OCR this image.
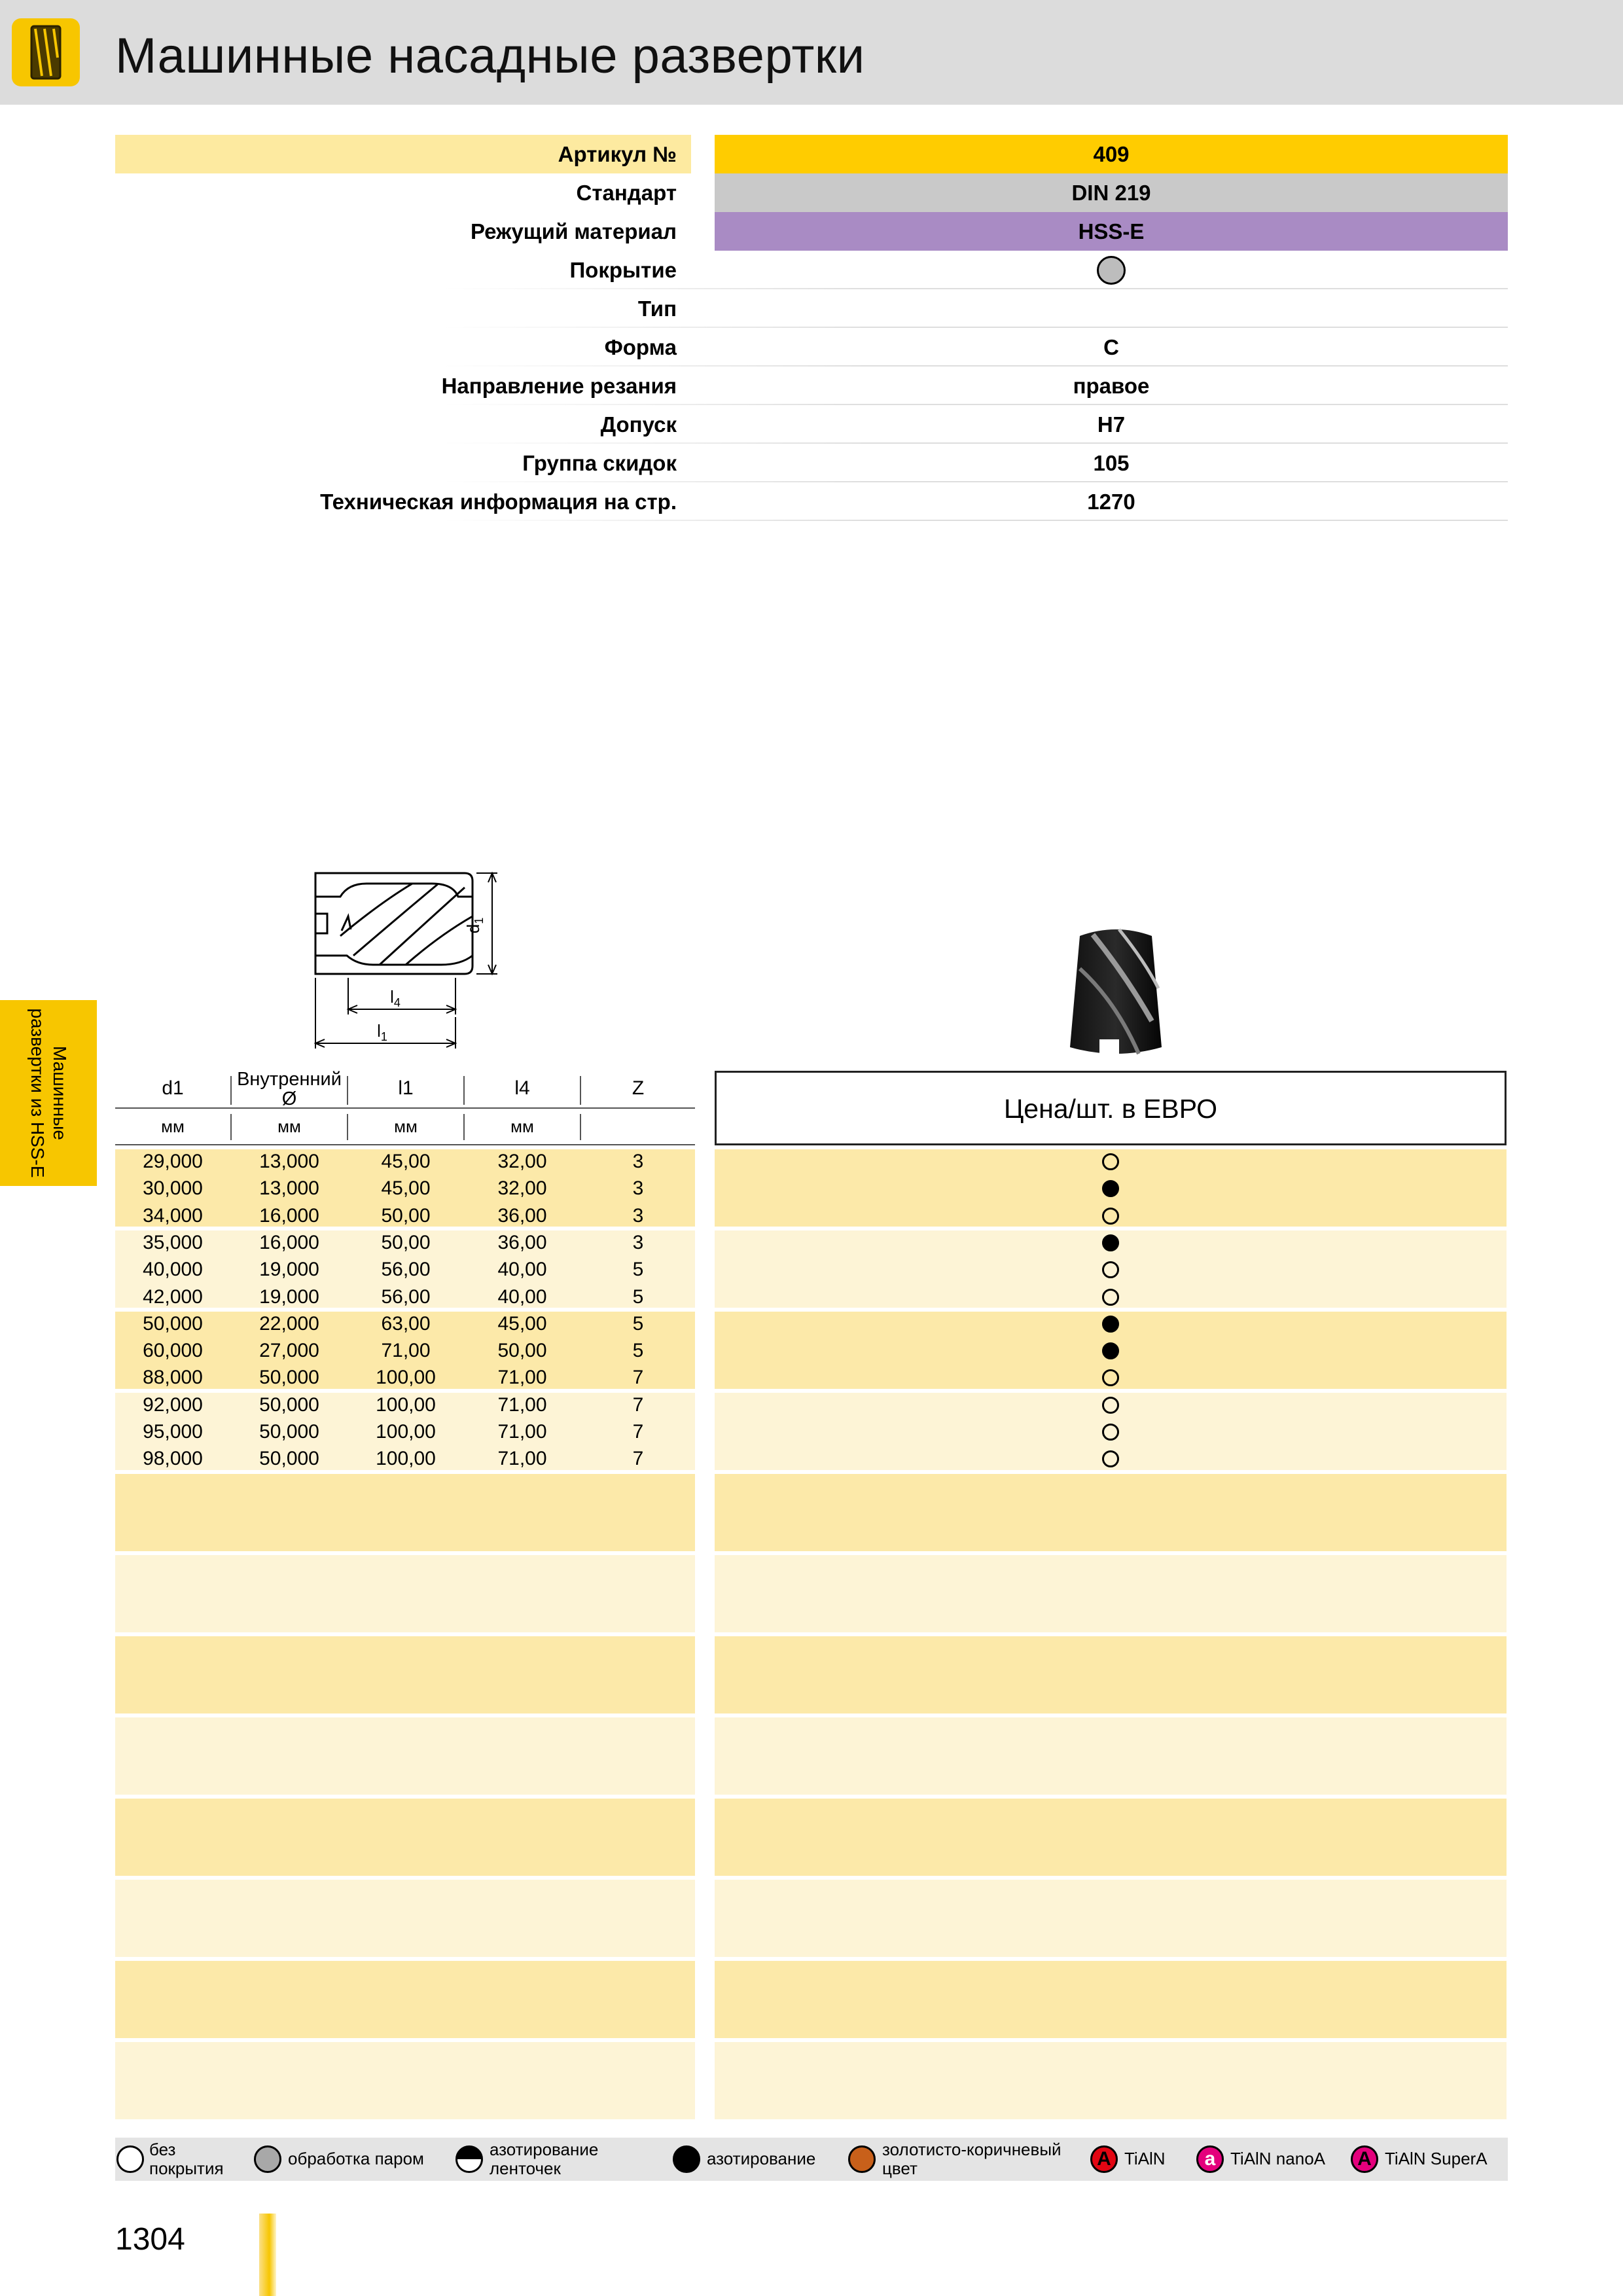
Машинные насадные развертки
Машинные
развертки из HSS-E
Артикул №	409
Стандарт	DIN 219
Режущий материал	HSS-E
Покрытие
Тип
Форма	С
Направление резания	правое
Допуск	H7
Группа скидок	105
Техническая информация на стр.	1270
$d_1$
$l_4$
$l_1$
d1	Внутренний Ø	l1	l4	Z
мм	мм	мм	мм
Цена/шт. в ЕВРО
29,000	13,000	45,00	32,00	3
30,000	13,000	45,00	32,00	3
34,000	16,000	50,00	36,00	3
35,000	16,000	50,00	36,00	3
40,000	19,000	56,00	40,00	5
42,000	19,000	56,00	40,00	5
50,000	22,000	63,00	45,00	5
60,000	27,000	71,00	50,00	5
88,000	50,000	100,00	71,00	7
92,000	50,000	100,00	71,00	7
95,000	50,000	100,00	71,00	7
98,000	50,000	100,00	71,00	7
без
покрытия	обработка паром	азотирование
ленточек	азотирование	золотисто-коричневый
цвет	A TiAlN	a TiAlN nanoA	A TiAlN SuperA
1304
